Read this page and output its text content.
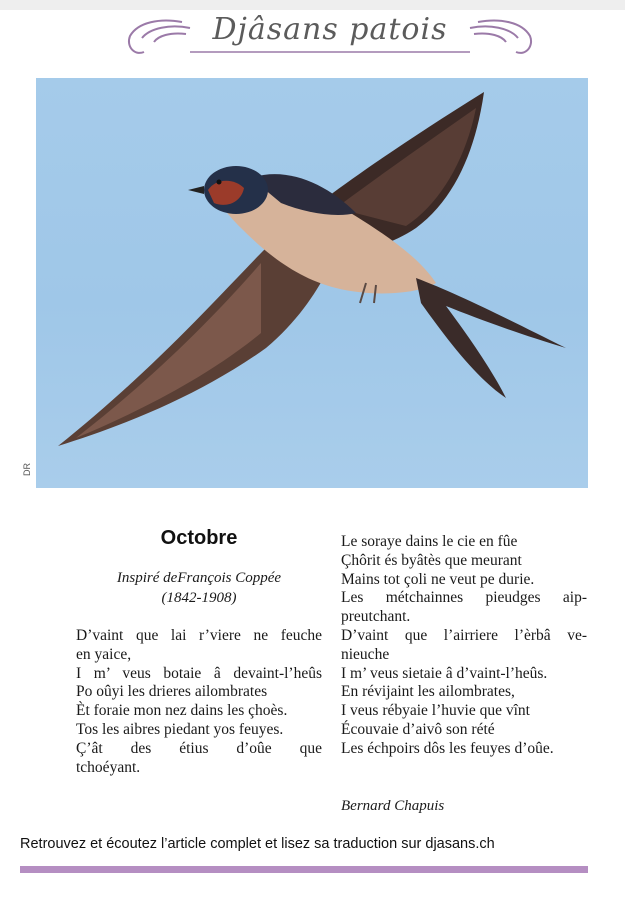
Djâsans patois
DR
Octobre
Inspiré deFrançois Coppée
(1842-1908)
D’vaint que lai r’viere ne feuche
en yaice,
I m’ veus botaie â devaint-l’heûs
Po oûyi les drieres ailombrates
Èt foraie mon nez dains les çhoès.
Tos les aibres piedant yos feuyes.
Ç’ât des étius d’oûe que
tchoéyant.
Le soraye dains le cie en fûe
Çhôrit és byâtès que meurant
Mains tot çoli ne veut pe durie.
Les métchainnes pieudges aip-
preutchant.
D’vaint que l’airriere l’èrbâ ve-
nieuche
I m’ veus sietaie â d’vaint-l’heûs.
En révijaint les ailombrates,
I veus rébyaie l’huvie que vînt
Écouvaie d’aivô son rété
Les échpoirs dôs les feuyes d’oûe.
Bernard Chapuis
Retrouvez et écoutez l’article complet et lisez sa traduction sur djasans.ch
